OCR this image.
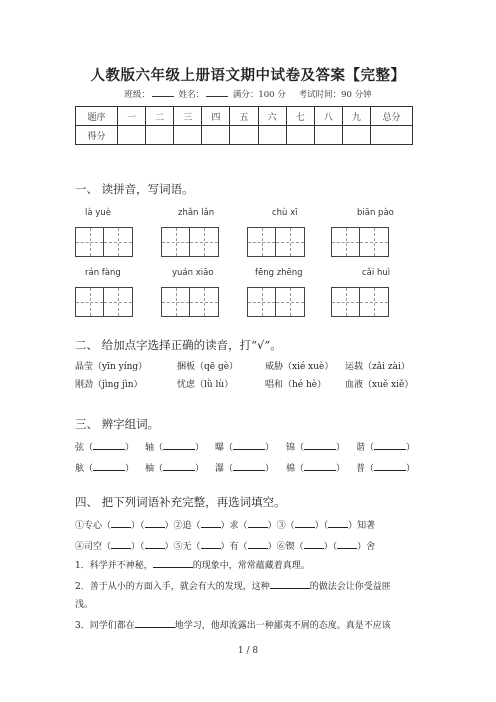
人教版六年级上册语文期中试卷及答案【完整】
班级：	姓名：	满分：100 分 考试时间：90 分钟
题序	一	二	三	四	五	六	七	八	九	总分
得分										
一、 读拼音，写词语。
là yuè	zhǎn lǎn	chù xī	biān pào
rán fàng	yuán xiāo	fēng zhēng	cǎi huì
二、 给加点字选择正确的读音，打“√”。
晶莹（yīn yíng）	捆板（qē gè）	威胁（xié xuè） 运载（zǎi zài）
刚劲（jìng jìn）	忧虑（lǜ lù）	唱和（hé hè） 血液（xuě xiě）
三、 辨字组词。
弦（	） 轴（	） 曝（	） 锦（	） 谐（	）
舷（	） 柚（	） 瀑（	） 棉（	） 普（	）
四、 把下列词语补充完整，再选词填空。
①专心（ ）（ ）②追（ ）求（ ）③（ ）（ ）知著
④司空（ ）（ ）⑤无（ ）有（ ）⑥锲（ ）（ ）舍
1．科学并不神秘，	的现象中，常常蕴藏着真理。
2．善于从小的方面入手，就会有大的发现，这种	的做法会让你受益匪
浅。
3．同学们都在	地学习，他却流露出一种鄙夷不屑的态度。真是不应该
1 / 8
